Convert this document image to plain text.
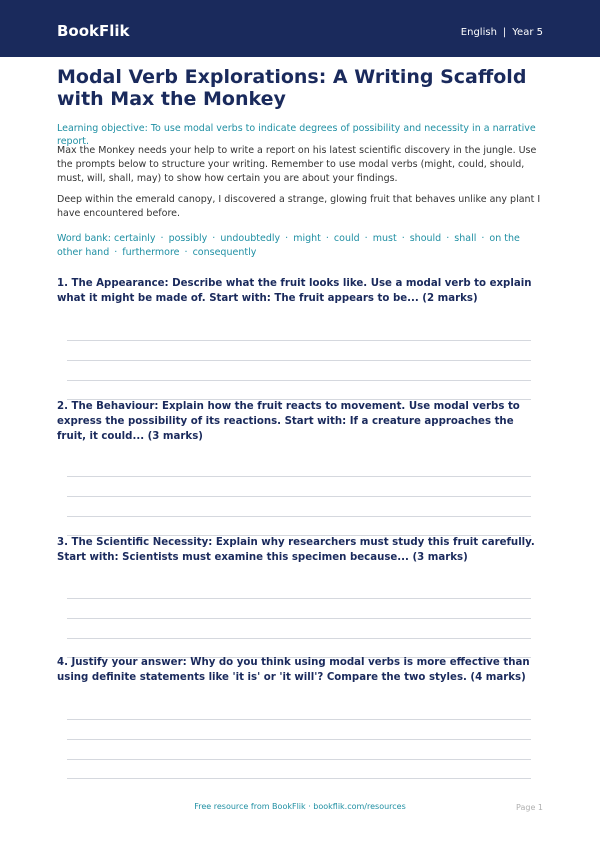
BookFlik	English | Year 5
Modal Verb Explorations: A Writing Scaffold with Max the Monkey

Learning objective: To use modal verbs to indicate degrees of possibility and necessity in a narrative report.

Max the Monkey needs your help to write a report on his latest scientific discovery in the jungle. Use the prompts below to structure your writing. Remember to use modal verbs (might, could, should, must, will, shall, may) to show how certain you are about your findings.

Deep within the emerald canopy, I discovered a strange, glowing fruit that behaves unlike any plant I have encountered before.

Word bank: certainly · possibly · undoubtedly · might · could · must · should · shall · on the other hand · furthermore · consequently

1. The Appearance: Describe what the fruit looks like. Use a modal verb to explain what it might be made of. Start with: The fruit appears to be... (2 marks)

2. The Behaviour: Explain how the fruit reacts to movement. Use modal verbs to express the possibility of its reactions. Start with: If a creature approaches the fruit, it could... (3 marks)

3. The Scientific Necessity: Explain why researchers must study this fruit carefully. Start with: Scientists must examine this specimen because... (3 marks)

4. Justify your answer: Why do you think using modal verbs is more effective than using definite statements like 'it is' or 'it will'? Compare the two styles. (4 marks)

Free resource from BookFlik · bookflik.com/resources	Page 1
